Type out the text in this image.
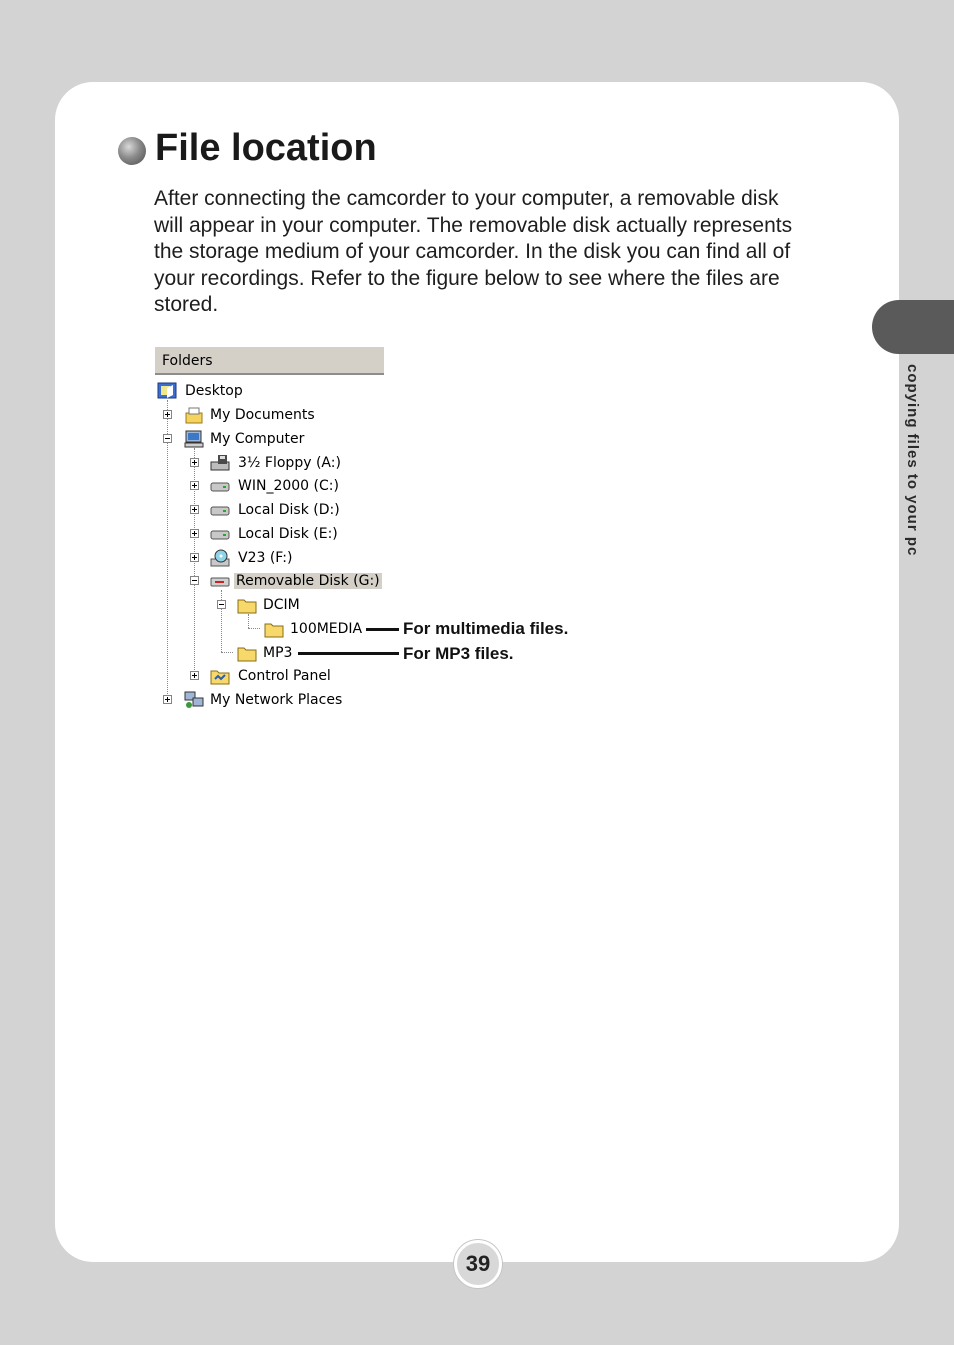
File location

After connecting the camcorder to your computer, a removable disk will appear in your computer. The removable disk actually represents the storage medium of your camcorder. In the disk you can find all of your recordings. Refer to the figure below to see where the files are stored.

copying files to your pc
Folders
Desktop
My Documents
My Computer
3½ Floppy (A:)
WIN_2000 (C:)
Local Disk (D:)
Local Disk (E:)
V23 (F:)
Removable Disk (G:)
DCIM
100MEDIA
MP3
Control Panel
My Network Places
For multimedia files.
For MP3 files.
39
